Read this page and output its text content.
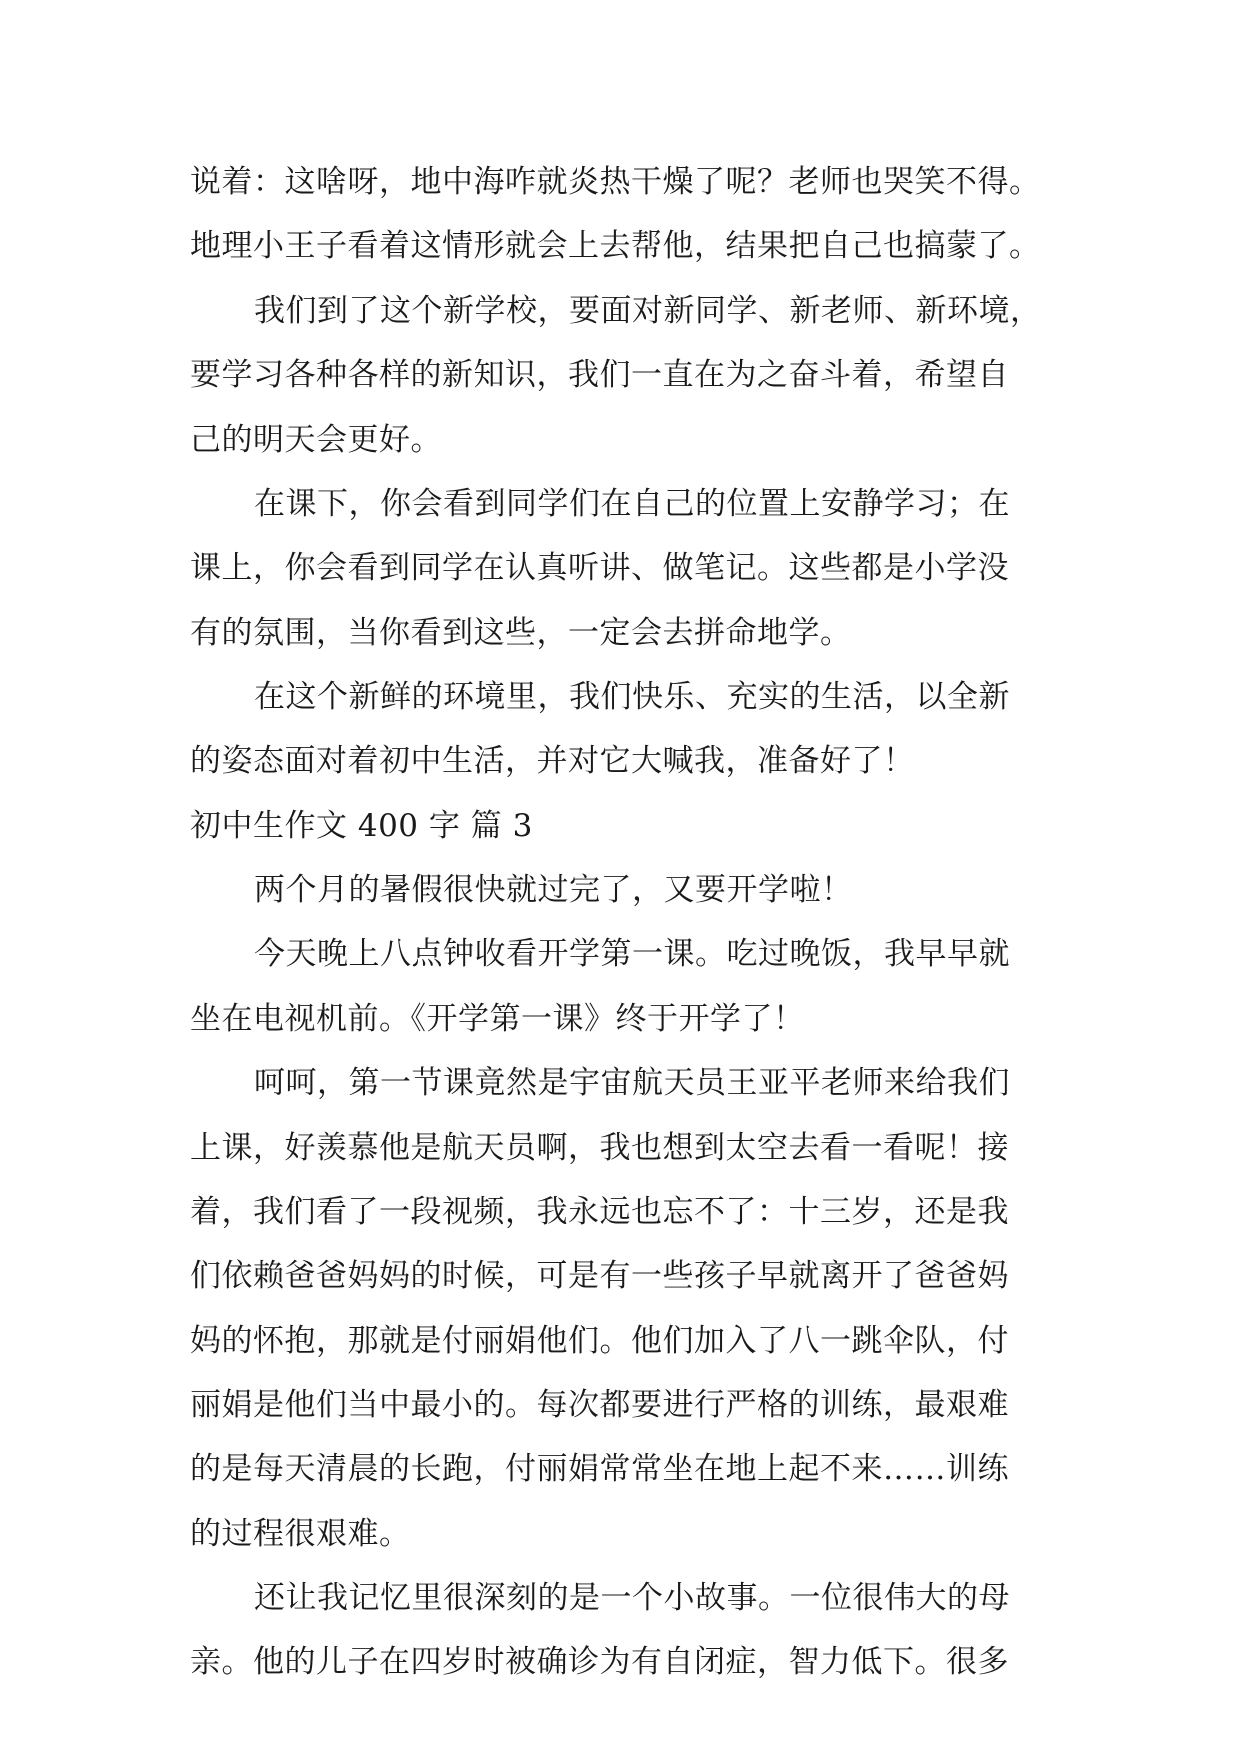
说着：这啥呀，地中海咋就炎热干燥了呢？老师也哭笑不得。
地理小王子看着这情形就会上去帮他，结果把自己也搞蒙了。
我们到了这个新学校，要面对新同学、新老师、新环境，
要学习各种各样的新知识，我们一直在为之奋斗着，希望自
己的明天会更好。
在课下，你会看到同学们在自己的位置上安静学习；在
课上，你会看到同学在认真听讲、做笔记。这些都是小学没
有的氛围，当你看到这些，一定会去拼命地学。
在这个新鲜的环境里，我们快乐、充实的生活，以全新
的姿态面对着初中生活，并对它大喊我，准备好了！
初中生作文 400 字 篇 3
两个月的暑假很快就过完了，又要开学啦！
今天晚上八点钟收看开学第一课。吃过晚饭，我早早就
坐在电视机前。《开学第一课》终于开学了！
呵呵，第一节课竟然是宇宙航天员王亚平老师来给我们
上课，好羡慕他是航天员啊，我也想到太空去看一看呢！接
着，我们看了一段视频，我永远也忘不了：十三岁，还是我
们依赖爸爸妈妈的时候，可是有一些孩子早就离开了爸爸妈
妈的怀抱，那就是付丽娟他们。他们加入了八一跳伞队，付
丽娟是他们当中最小的。每次都要进行严格的训练，最艰难
的是每天清晨的长跑，付丽娟常常坐在地上起不来……训练
的过程很艰难。
还让我记忆里很深刻的是一个小故事。一位很伟大的母
亲。他的儿子在四岁时被确诊为有自闭症，智力低下。很多
